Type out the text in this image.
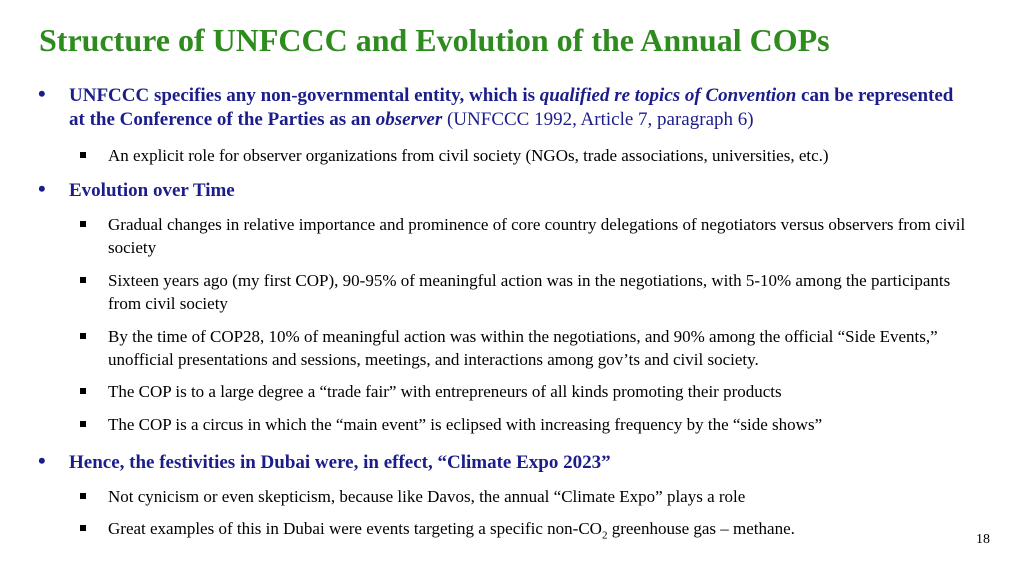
Structure of UNFCCC and Evolution of the Annual COPs
• UNFCCC specifies any non-governmental entity, which is qualified re topics of Convention can be represented at the Conference of the Parties as an observer (UNFCCC 1992, Article 7, paragraph 6)
An explicit role for observer organizations from civil society (NGOs, trade associations, universities, etc.)
• Evolution over Time
Gradual changes in relative importance and prominence of core country delegations of negotiators versus observers from civil society
Sixteen years ago (my first COP), 90-95% of meaningful action was in the negotiations, with 5-10% among the participants from civil society
By the time of COP28, 10% of meaningful action was within the negotiations, and 90% among the official “Side Events,” unofficial presentations and sessions, meetings, and interactions among gov’ts and civil society.
The COP is to a large degree a “trade fair” with entrepreneurs of all kinds promoting their products
The COP is a circus in which the “main event” is eclipsed with increasing frequency by the “side shows”
• Hence, the festivities in Dubai were, in effect, “Climate Expo 2023”
Not cynicism or even skepticism, because like Davos, the annual “Climate Expo” plays a role
Great examples of this in Dubai were events targeting a specific non-$CO_2$ greenhouse gas – methane.
18
